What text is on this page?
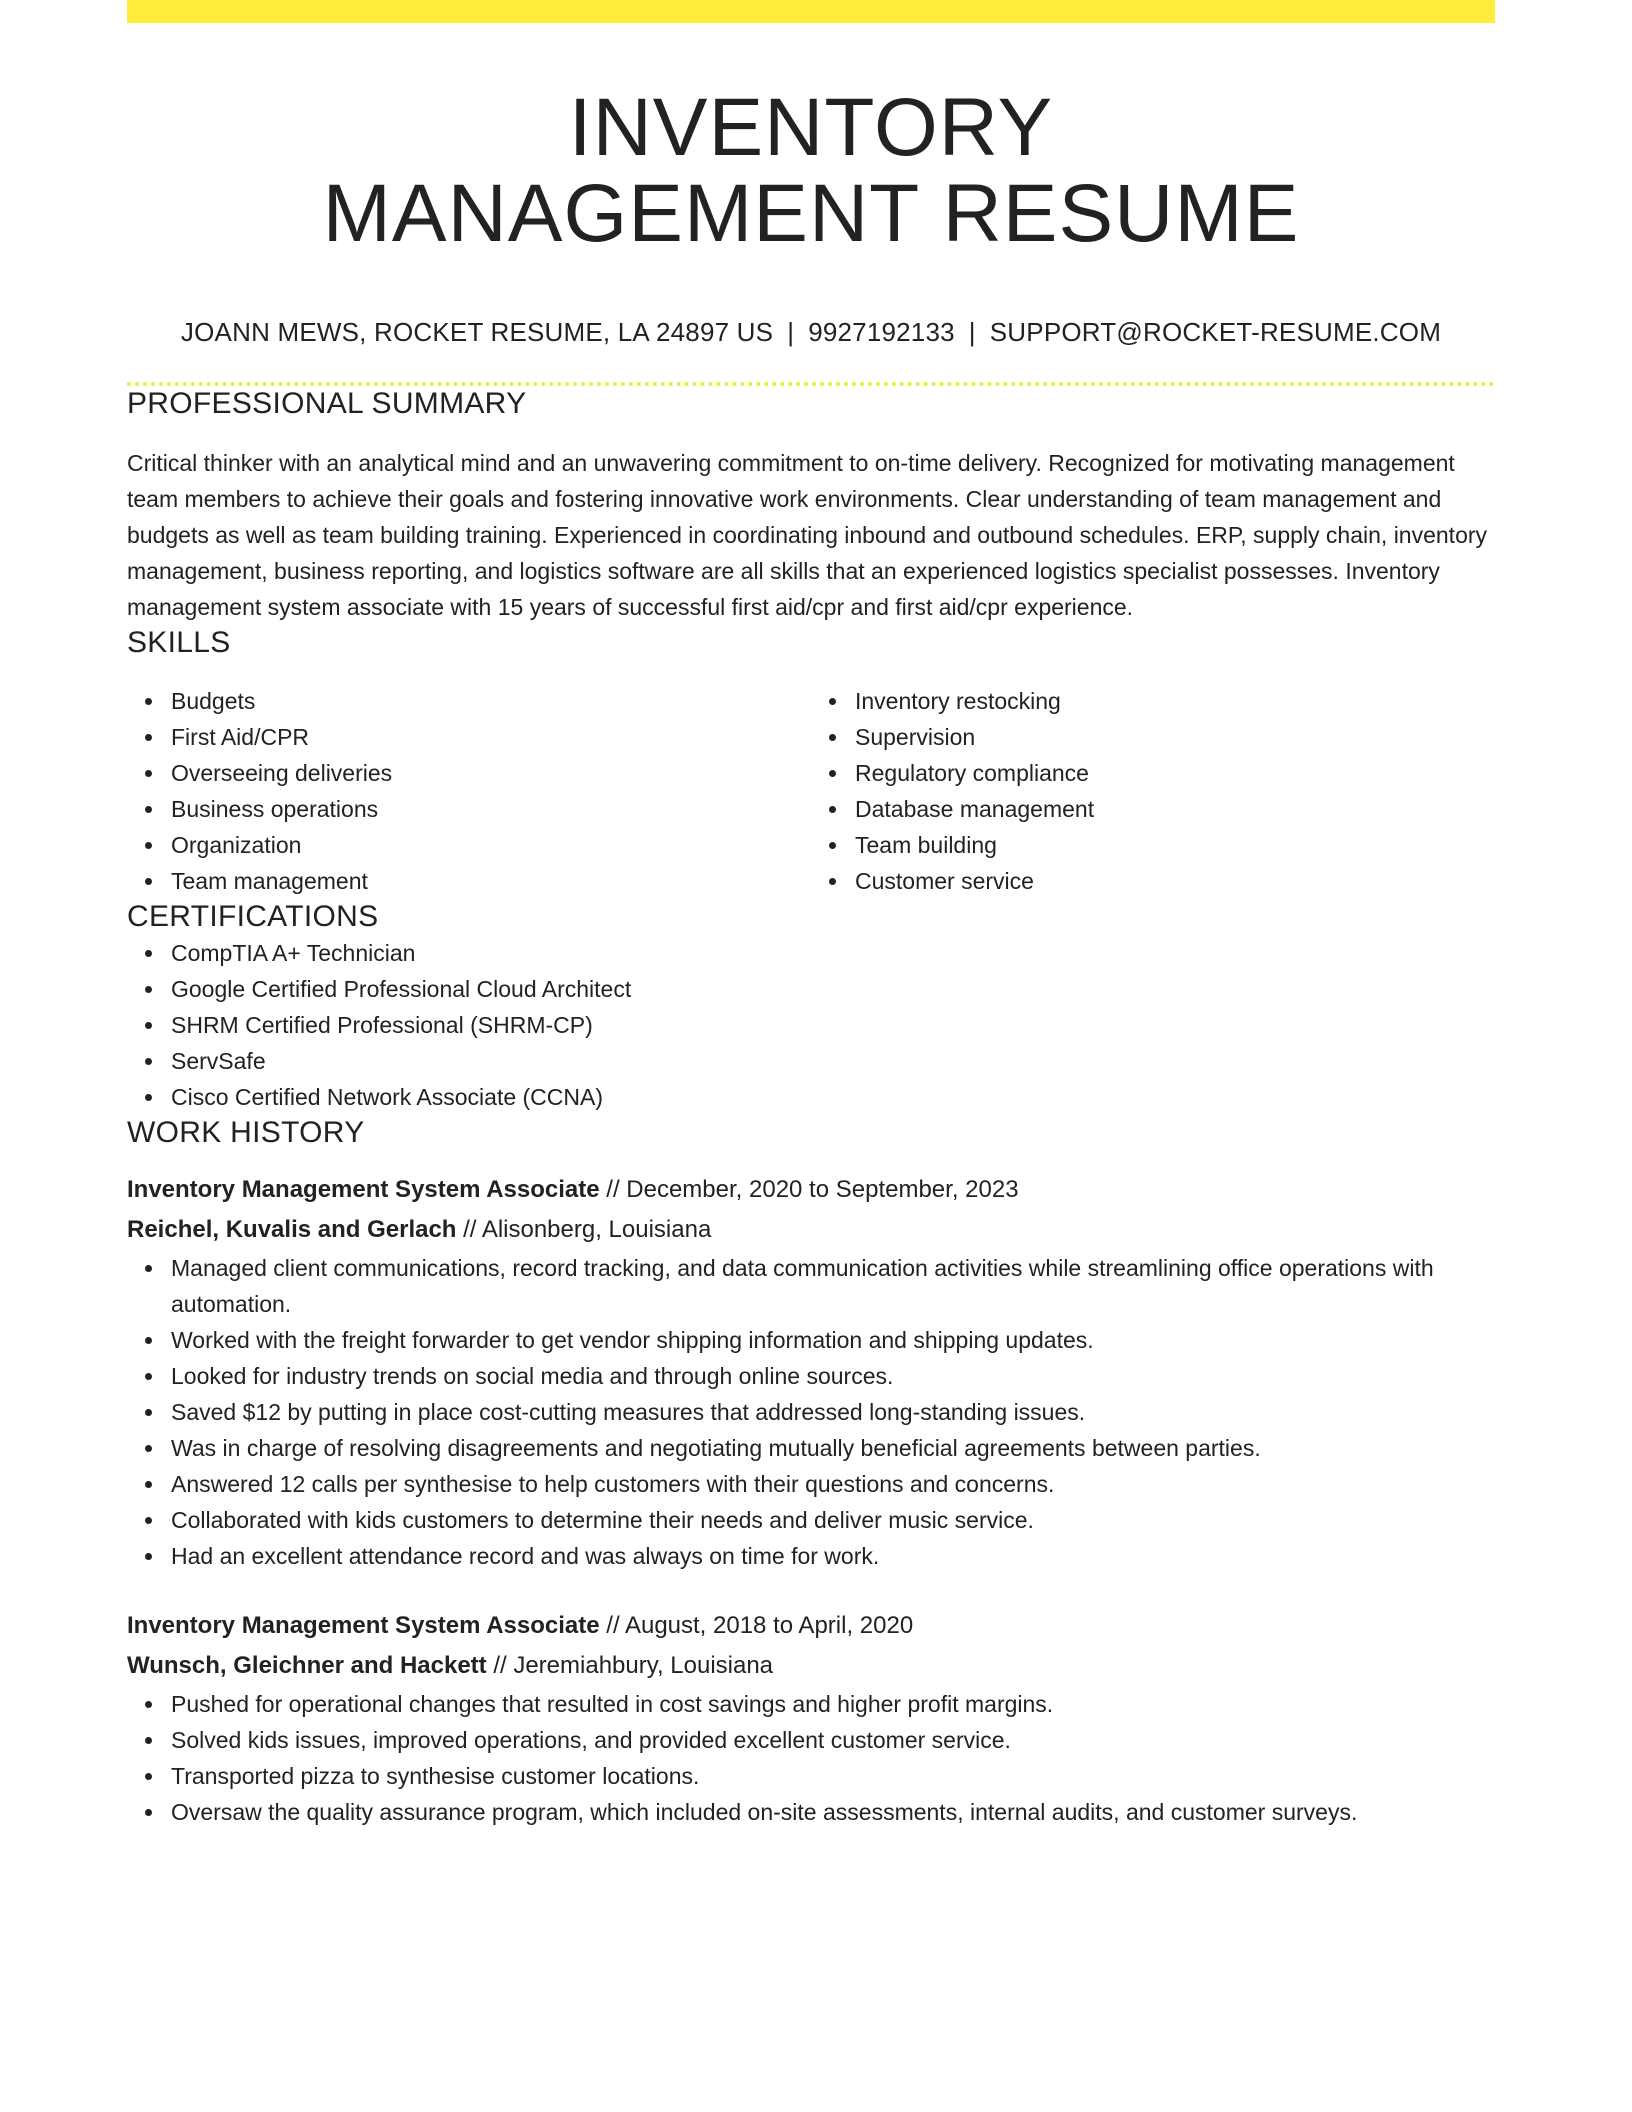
INVENTORY
MANAGEMENT RESUME
JOANN MEWS, ROCKET RESUME, LA 24897 US | 9927192133 | SUPPORT@ROCKET-RESUME.COM
PROFESSIONAL SUMMARY

Critical thinker with an analytical mind and an unwavering commitment to on-time delivery. Recognized for motivating management team members to achieve their goals and fostering innovative work environments. Clear understanding of team management and budgets as well as team building training. Experienced in coordinating inbound and outbound schedules. ERP, supply chain, inventory management, business reporting, and logistics software are all skills that an experienced logistics specialist possesses. Inventory management system associate with 15 years of successful first aid/cpr and first aid/cpr experience.

SKILLS
Budgets
First Aid/CPR
Overseeing deliveries
Business operations
Organization
Team management
Inventory restocking
Supervision
Regulatory compliance
Database management
Team building
Customer service
CERTIFICATIONS
CompTIA A+ Technician
Google Certified Professional Cloud Architect
SHRM Certified Professional (SHRM-CP)
ServSafe
Cisco Certified Network Associate (CCNA)
WORK HISTORY
Inventory Management System Associate // December, 2020 to September, 2023
Reichel, Kuvalis and Gerlach // Alisonberg, Louisiana
Managed client communications, record tracking, and data communication activities while streamlining office operations with automation.
Worked with the freight forwarder to get vendor shipping information and shipping updates.
Looked for industry trends on social media and through online sources.
Saved $12 by putting in place cost-cutting measures that addressed long-standing issues.
Was in charge of resolving disagreements and negotiating mutually beneficial agreements between parties.
Answered 12 calls per synthesise to help customers with their questions and concerns.
Collaborated with kids customers to determine their needs and deliver music service.
Had an excellent attendance record and was always on time for work.
Inventory Management System Associate // August, 2018 to April, 2020
Wunsch, Gleichner and Hackett // Jeremiahbury, Louisiana
Pushed for operational changes that resulted in cost savings and higher profit margins.
Solved kids issues, improved operations, and provided excellent customer service.
Transported pizza to synthesise customer locations.
Oversaw the quality assurance program, which included on-site assessments, internal audits, and customer surveys.
